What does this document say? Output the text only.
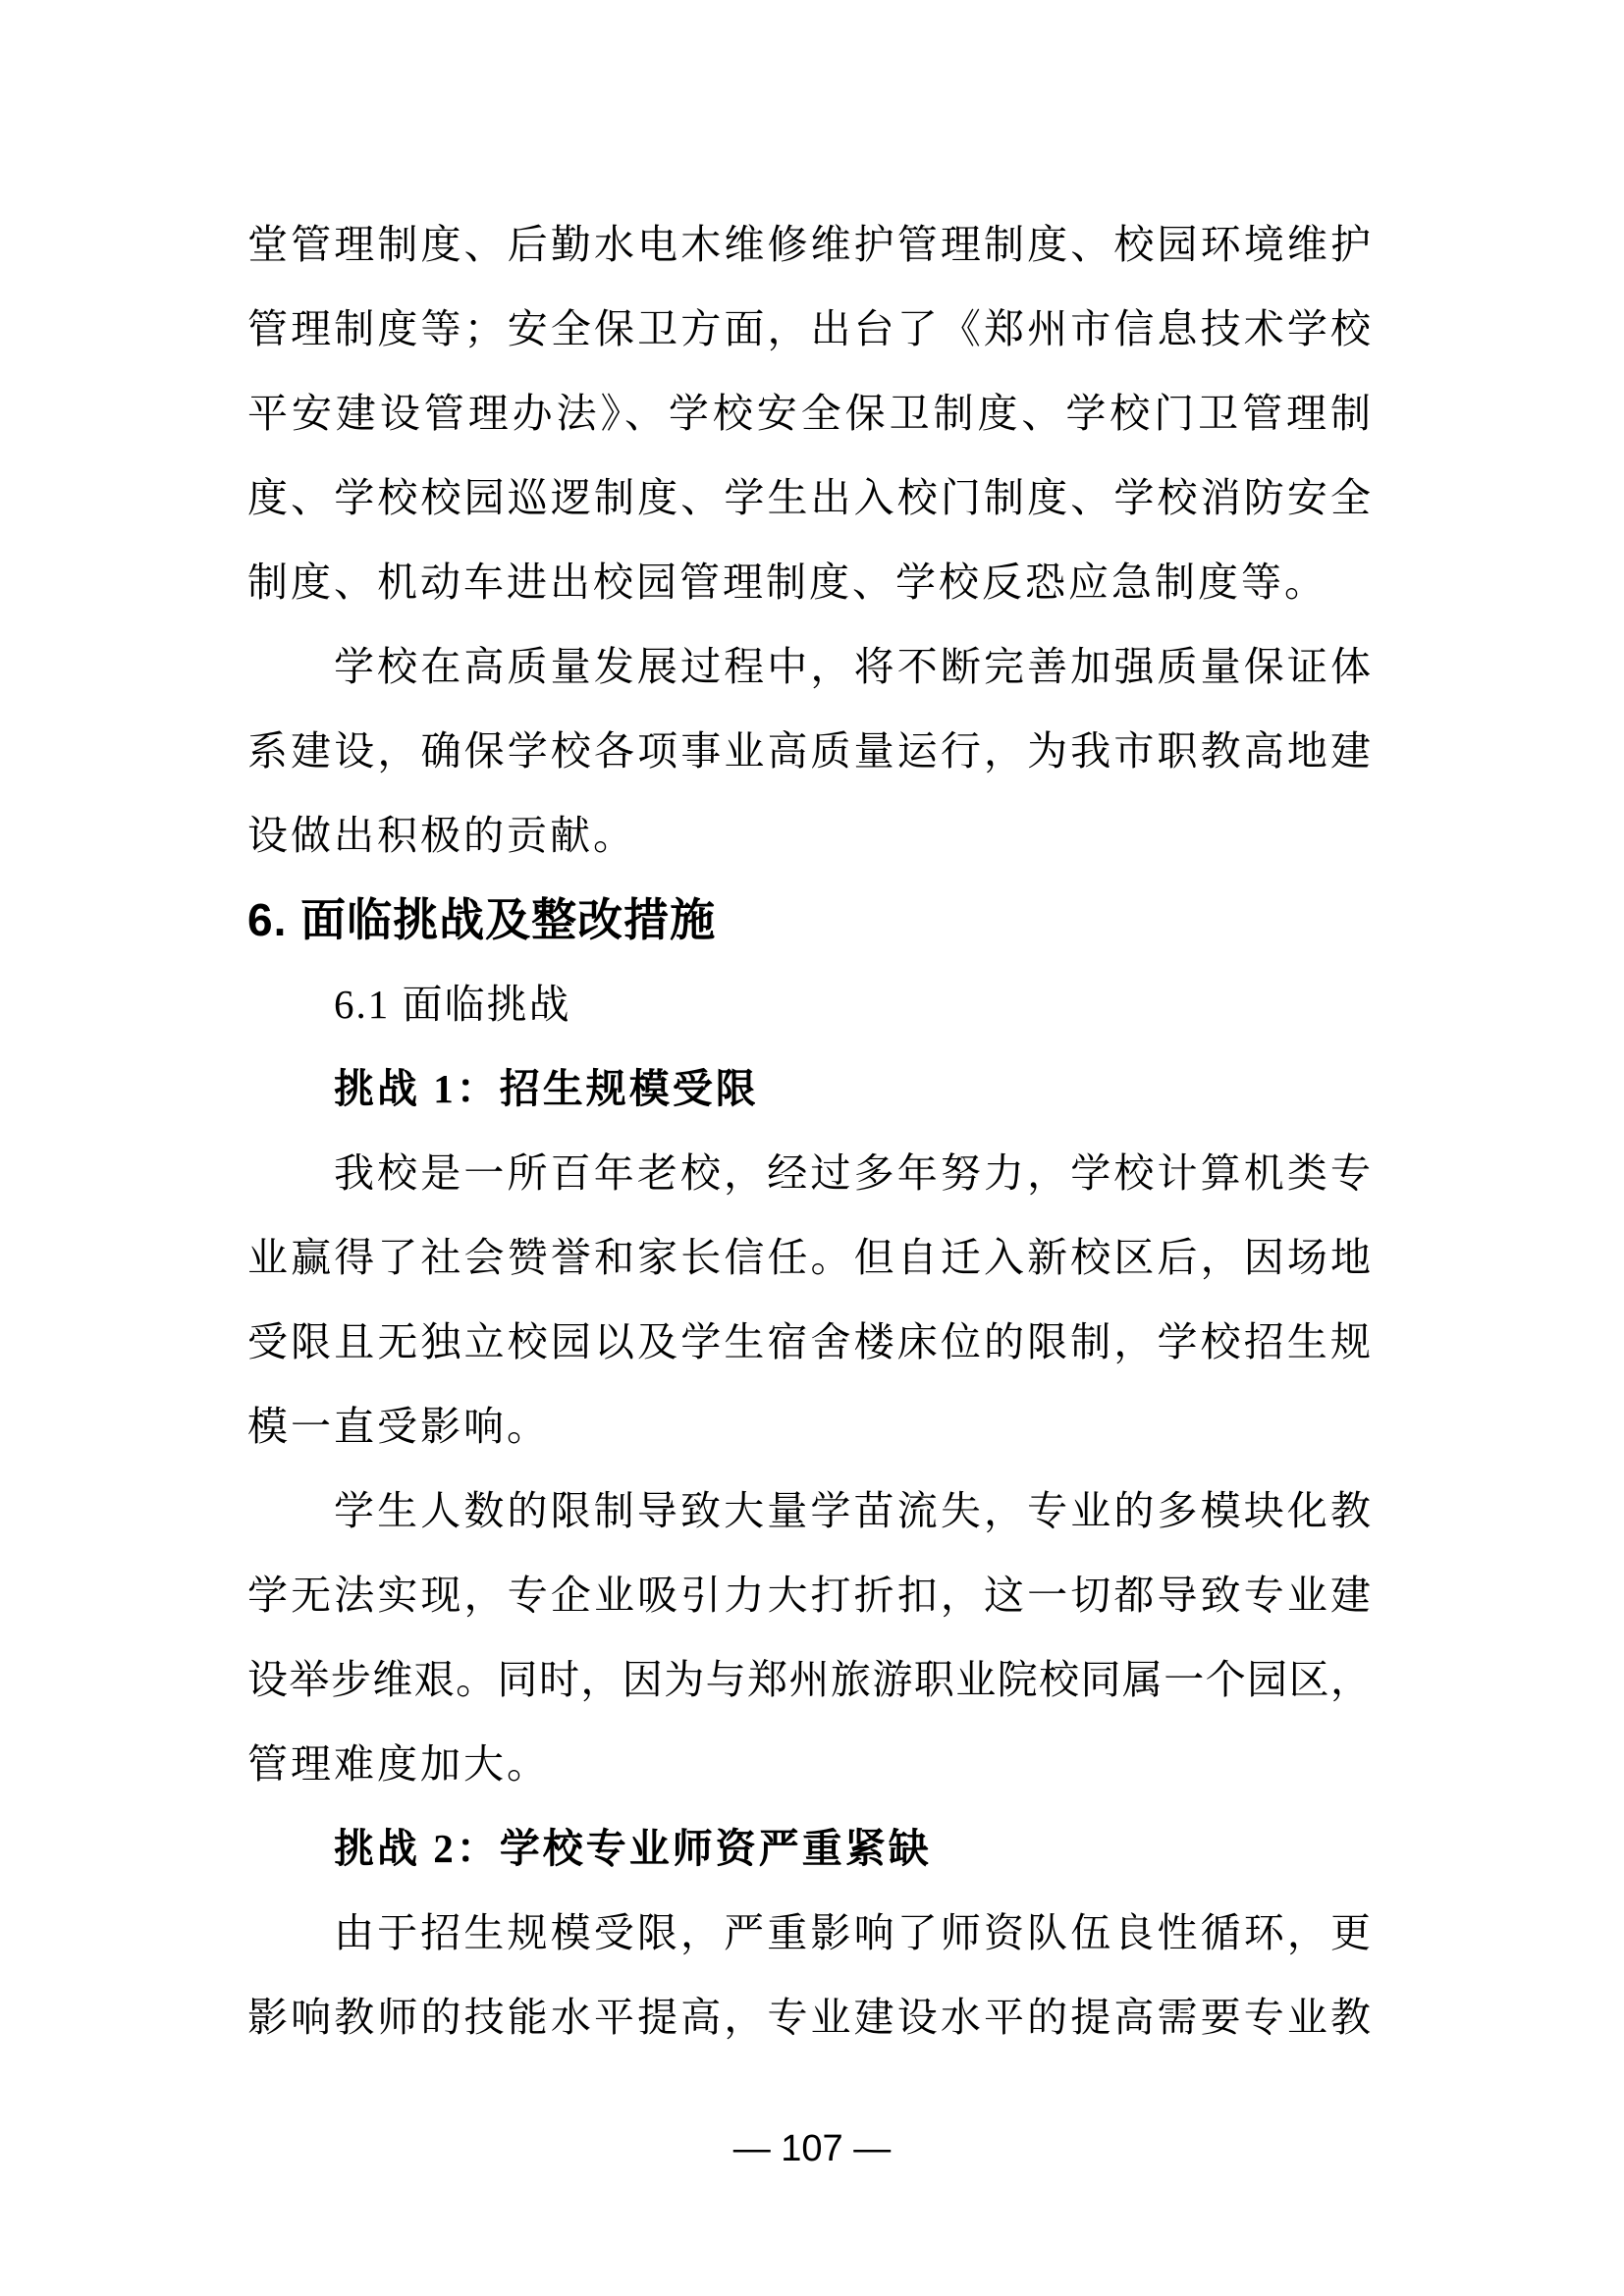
堂管理制度、后勤水电木维修维护管理制度、校园环境维护
管理制度等；安全保卫方面，出台了《郑州市信息技术学校
平安建设管理办法》、学校安全保卫制度、学校门卫管理制
度、学校校园巡逻制度、学生出入校门制度、学校消防安全
制度、机动车进出校园管理制度、学校反恐应急制度等。
学校在高质量发展过程中，将不断完善加强质量保证体
系建设，确保学校各项事业高质量运行，为我市职教高地建
设做出积极的贡献。
6. 面临挑战及整改措施
6.1 面临挑战
挑战 1：招生规模受限
我校是一所百年老校，经过多年努力，学校计算机类专
业赢得了社会赞誉和家长信任。但自迁入新校区后，因场地
受限且无独立校园以及学生宿舍楼床位的限制，学校招生规
模一直受影响。
学生人数的限制导致大量学苗流失，专业的多模块化教
学无法实现，专企业吸引力大打折扣，这一切都导致专业建
设举步维艰。同时，因为与郑州旅游职业院校同属一个园区，
管理难度加大。
挑战 2：学校专业师资严重紧缺
由于招生规模受限，严重影响了师资队伍良性循环，更
影响教师的技能水平提高，专业建设水平的提高需要专业教
— 107 —
